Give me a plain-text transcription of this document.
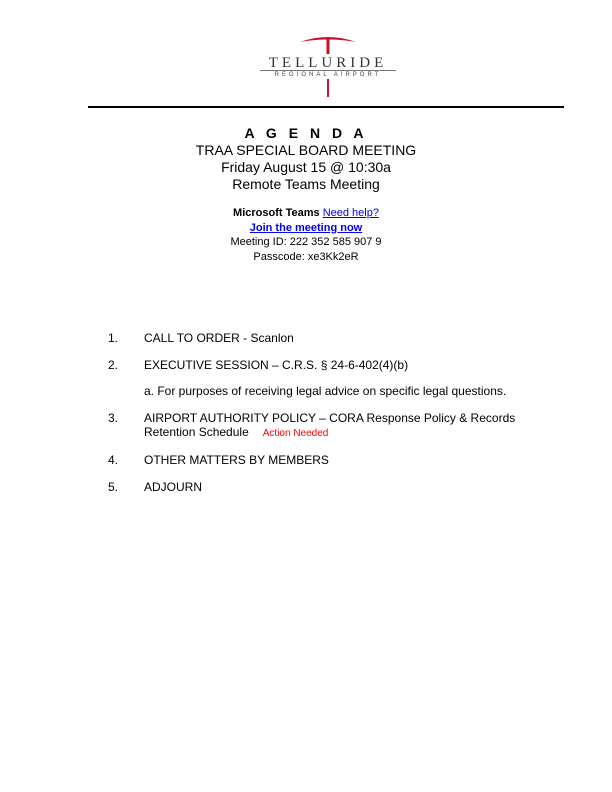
TELLURIDE
REGIONAL AIRPORT
A G E N D A
TRAA SPECIAL BOARD MEETING
Friday August 15 @ 10:30a
Remote Teams Meeting
Microsoft Teams Need help?
Join the meeting now
Meeting ID: 222 352 585 907 9
Passcode: xe3Kk2eR
1. CALL TO ORDER - Scanlon
2. EXECUTIVE SESSION – C.R.S. § 24-6-402(4)(b)
a. For purposes of receiving legal advice on specific legal questions.
3. AIRPORT AUTHORITY POLICY – CORA Response Policy & Records
Retention Schedule Action Needed
4. OTHER MATTERS BY MEMBERS
5. ADJOURN
